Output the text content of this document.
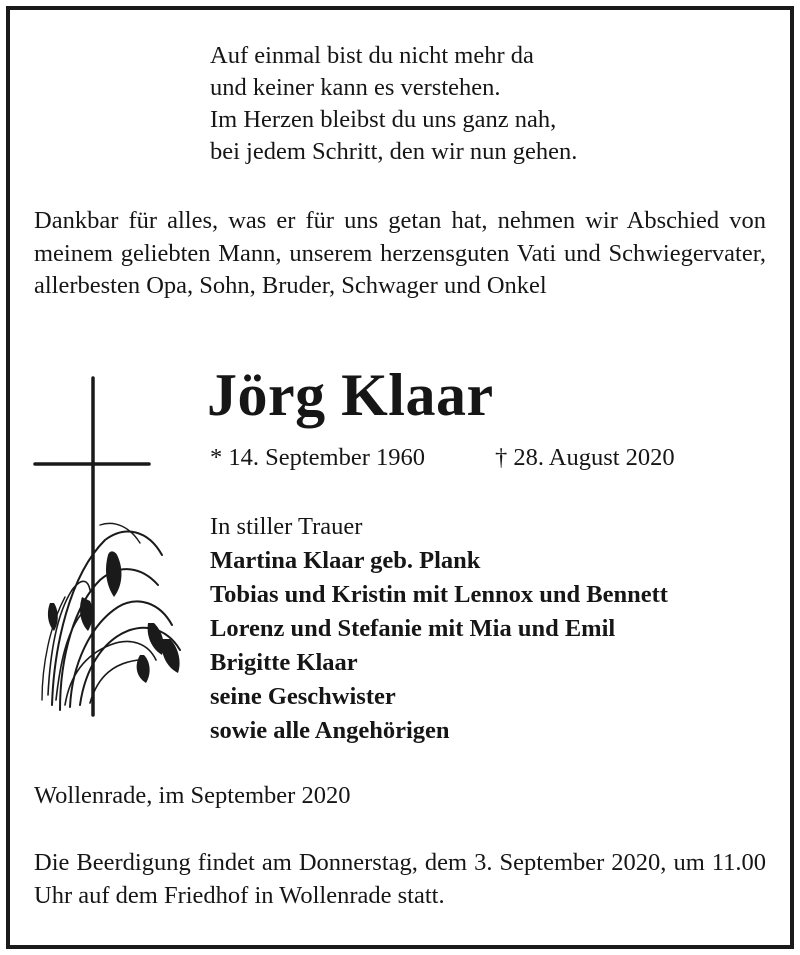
Auf einmal bist du nicht mehr da
und keiner kann es verstehen.
Im Herzen bleibst du uns ganz nah,
bei jedem Schritt, den wir nun gehen.
Dankbar für alles, was er für uns getan hat, nehmen wir Abschied von meinem geliebten Mann, unserem herzensguten Vati und Schwiegervater, allerbesten Opa, Sohn, Bruder, Schwager und Onkel
Jörg Klaar
* 14. September 1960	† 28. August 2020
In stiller Trauer
Martina Klaar geb. Plank
Tobias und Kristin mit Lennox und Bennett
Lorenz und Stefanie mit Mia und Emil
Brigitte Klaar
seine Geschwister
sowie alle Angehörigen
Wollenrade, im September 2020
Die Beerdigung findet am Donnerstag, dem 3. September 2020, um 11.00 Uhr auf dem Friedhof in Wollenrade statt.
